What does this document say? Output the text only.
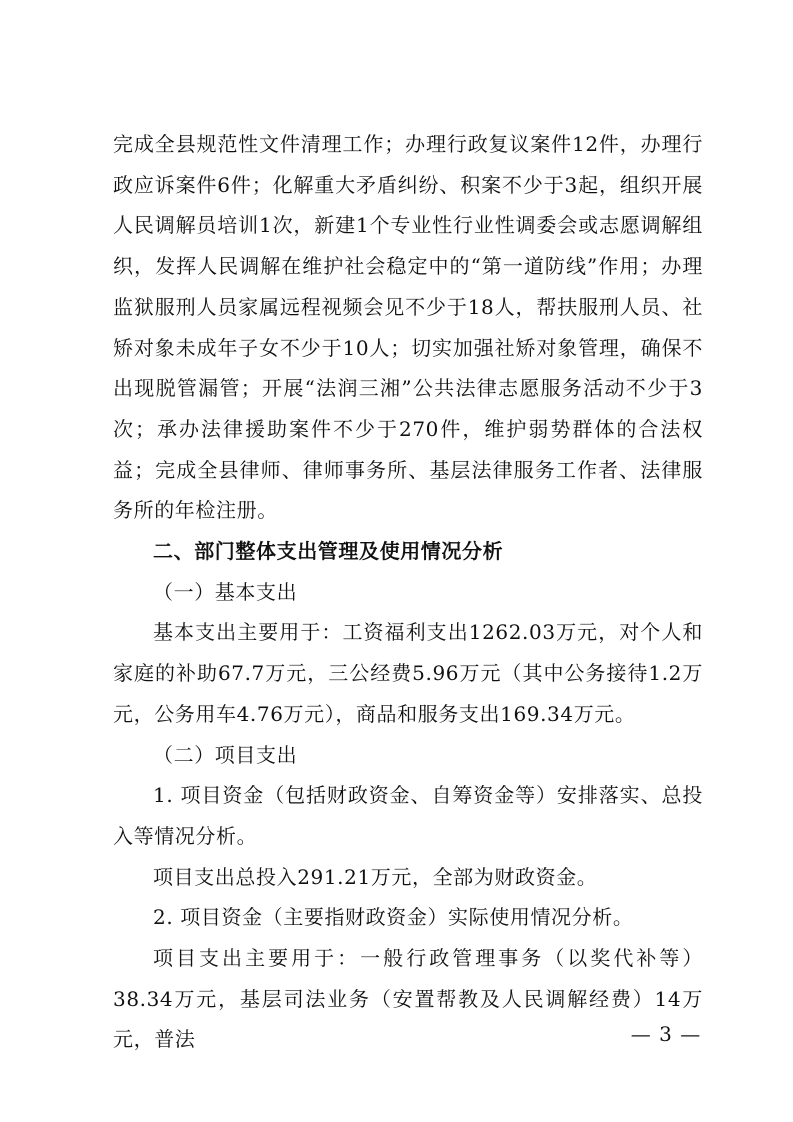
完成全县规范性文件清理工作；办理行政复议案件12件，办理行政应诉案件6件；化解重大矛盾纠纷、积案不少于3起，组织开展人民调解员培训1次，新建1个专业性行业性调委会或志愿调解组织，发挥人民调解在维护社会稳定中的“第一道防线”作用；办理监狱服刑人员家属远程视频会见不少于18人，帮扶服刑人员、社矫对象未成年子女不少于10人；切实加强社矫对象管理，确保不出现脱管漏管；开展“法润三湘”公共法律志愿服务活动不少于3次；承办法律援助案件不少于270件，维护弱势群体的合法权益；完成全县律师、律师事务所、基层法律服务工作者、法律服务所的年检注册。

二、部门整体支出管理及使用情况分析

（一）基本支出

基本支出主要用于：工资福利支出1262.03万元，对个人和家庭的补助67.7万元，三公经费5.96万元（其中公务接待1.2万元，公务用车4.76万元），商品和服务支出169.34万元。

（二）项目支出

1. 项目资金（包括财政资金、自筹资金等）安排落实、总投入等情况分析。

项目支出总投入291.21万元，全部为财政资金。

2. 项目资金（主要指财政资金）实际使用情况分析。

项目支出主要用于：一般行政管理事务（以奖代补等）38.34万元，基层司法业务（安置帮教及人民调解经费）14万元，普法	— 3 —
